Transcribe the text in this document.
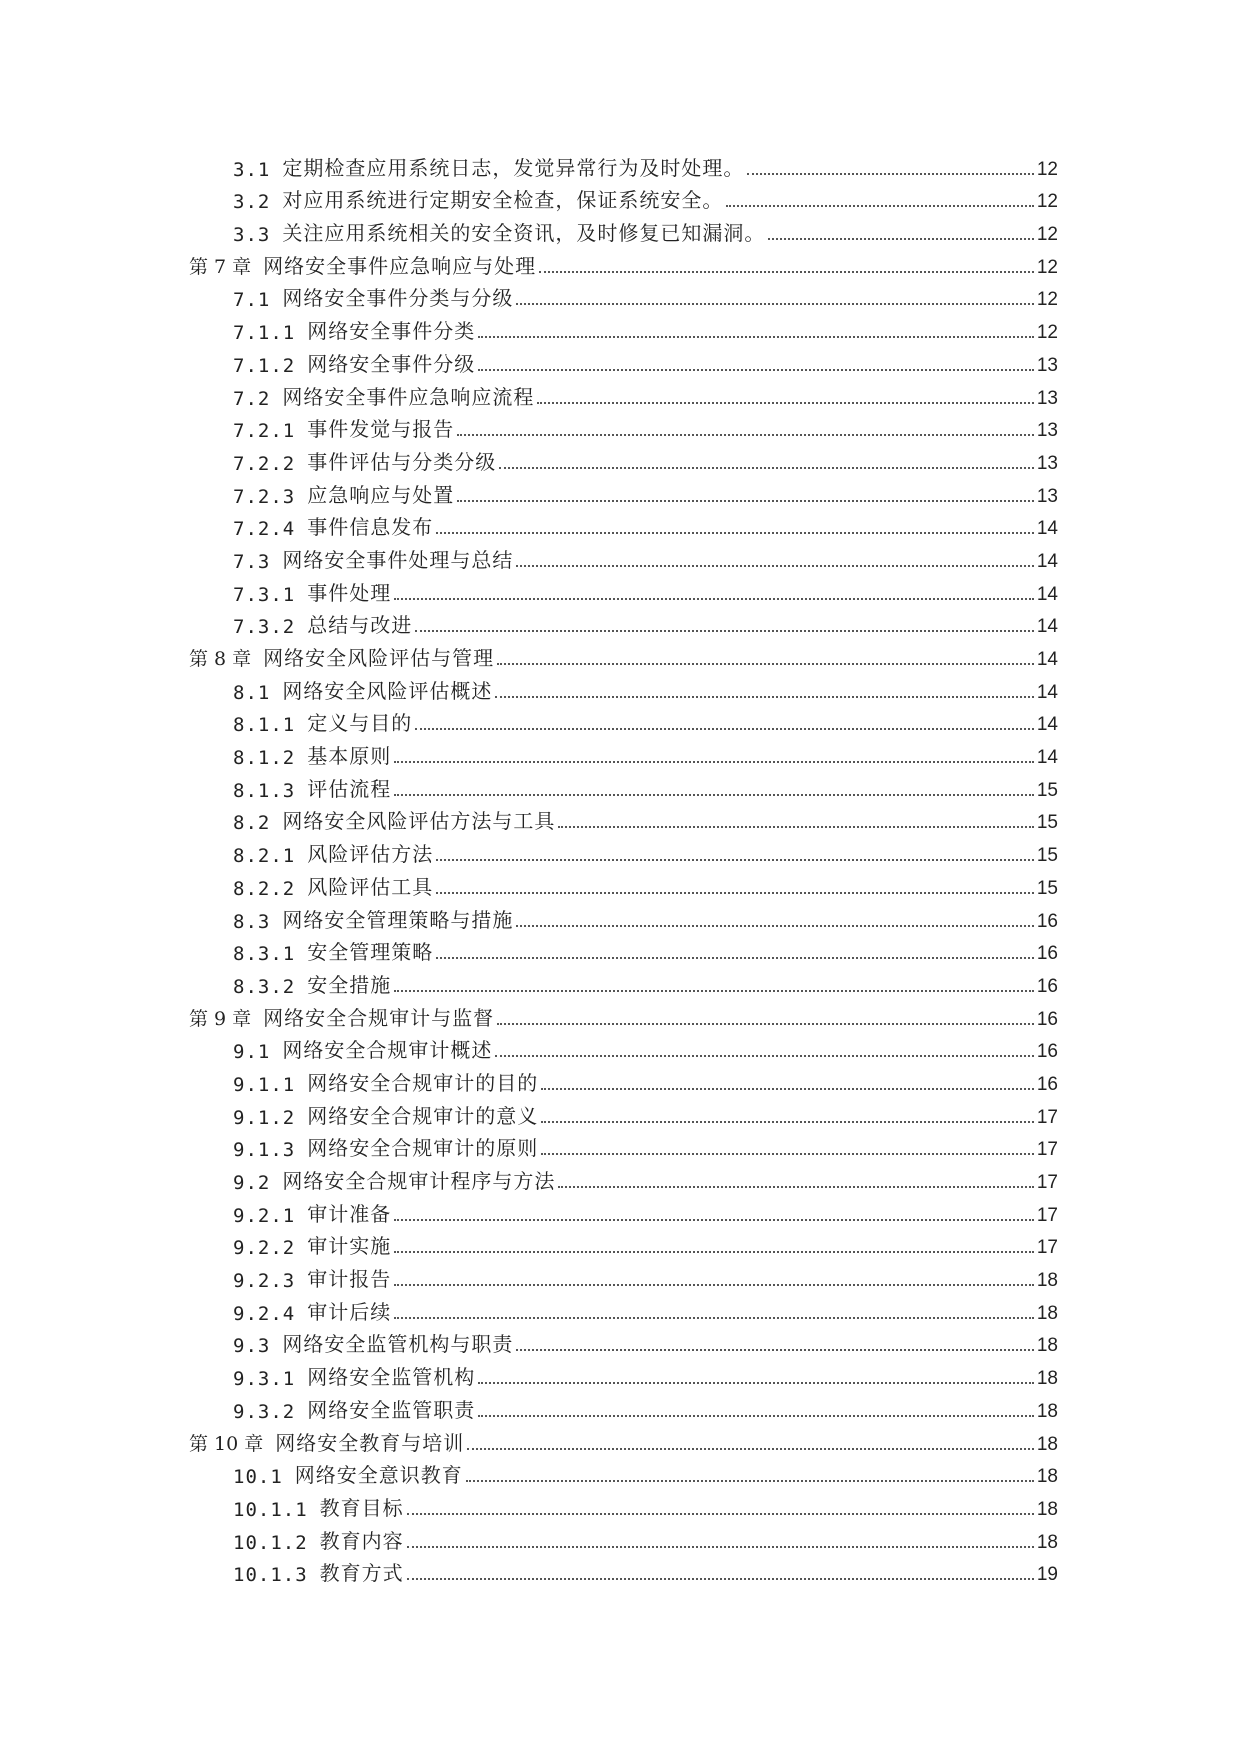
3.1 定期检查应用系统日志，发觉异常行为及时处理。	12
3.2 对应用系统进行定期安全检查，保证系统安全。	12
3.3 关注应用系统相关的安全资讯，及时修复已知漏洞。	12
第 7 章 网络安全事件应急响应与处理	12
7.1 网络安全事件分类与分级	12
7.1.1 网络安全事件分类	12
7.1.2 网络安全事件分级	13
7.2 网络安全事件应急响应流程	13
7.2.1 事件发觉与报告	13
7.2.2 事件评估与分类分级	13
7.2.3 应急响应与处置	13
7.2.4 事件信息发布	14
7.3 网络安全事件处理与总结	14
7.3.1 事件处理	14
7.3.2 总结与改进	14
第 8 章 网络安全风险评估与管理	14
8.1 网络安全风险评估概述	14
8.1.1 定义与目的	14
8.1.2 基本原则	14
8.1.3 评估流程	15
8.2 网络安全风险评估方法与工具	15
8.2.1 风险评估方法	15
8.2.2 风险评估工具	15
8.3 网络安全管理策略与措施	16
8.3.1 安全管理策略	16
8.3.2 安全措施	16
第 9 章 网络安全合规审计与监督	16
9.1 网络安全合规审计概述	16
9.1.1 网络安全合规审计的目的	16
9.1.2 网络安全合规审计的意义	17
9.1.3 网络安全合规审计的原则	17
9.2 网络安全合规审计程序与方法	17
9.2.1 审计准备	17
9.2.2 审计实施	17
9.2.3 审计报告	18
9.2.4 审计后续	18
9.3 网络安全监管机构与职责	18
9.3.1 网络安全监管机构	18
9.3.2 网络安全监管职责	18
第 10 章 网络安全教育与培训	18
10.1 网络安全意识教育	18
10.1.1 教育目标	18
10.1.2 教育内容	18
10.1.3 教育方式	19
